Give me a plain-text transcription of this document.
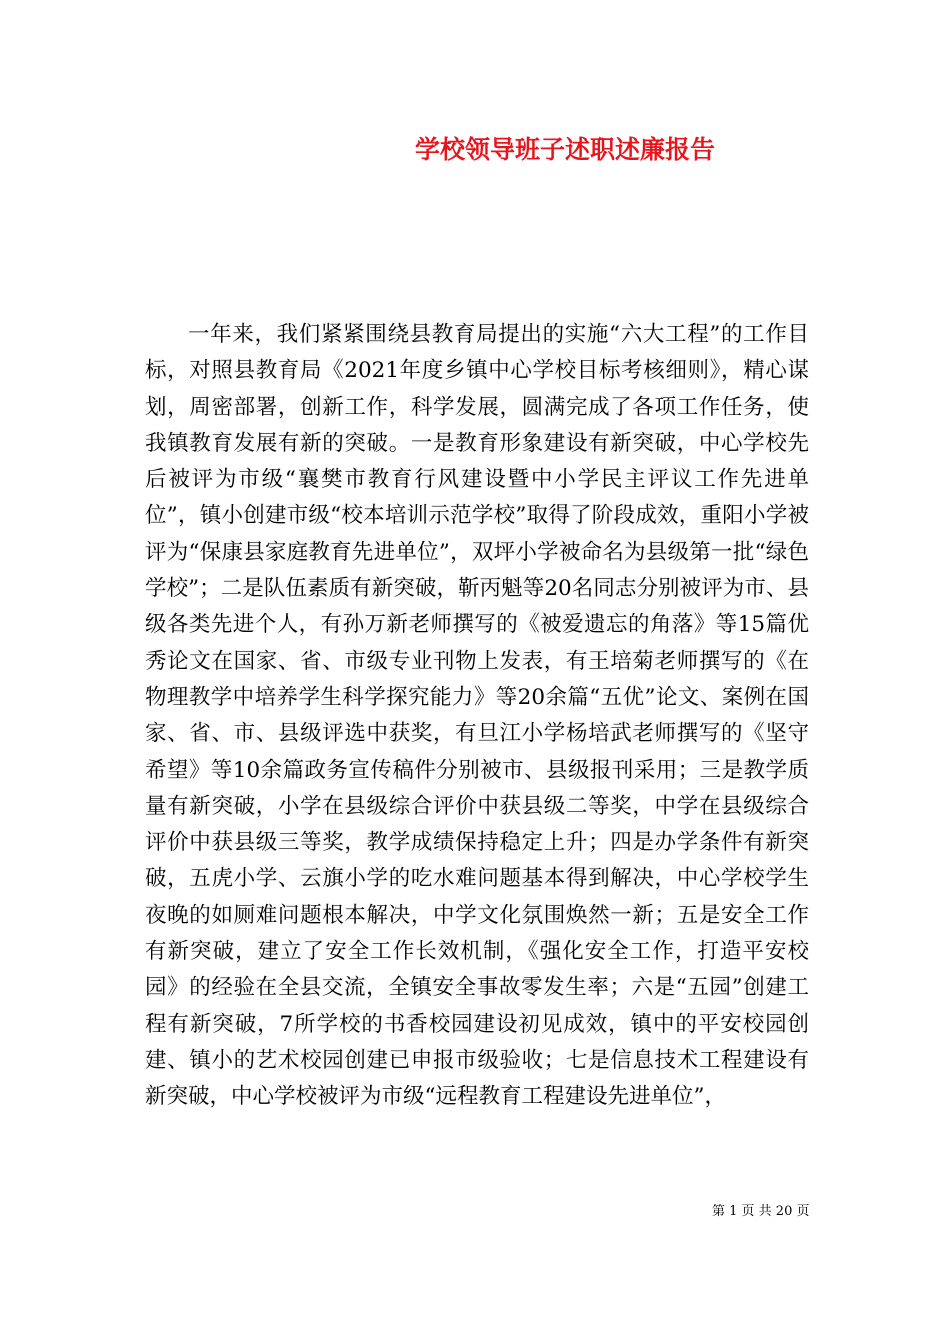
学校领导班子述职述廉报告

一年来，我们紧紧围绕县教育局提出的实施“六大工程”的工作目标，对照县教育局《2021年度乡镇中心学校目标考核细则》，精心谋划，周密部署，创新工作，科学发展，圆满完成了各项工作任务，使我镇教育发展有新的突破。一是教育形象建设有新突破，中心学校先后被评为市级“襄樊市教育行风建设暨中小学民主评议工作先进单位”，镇小创建市级“校本培训示范学校”取得了阶段成效，重阳小学被评为“保康县家庭教育先进单位”，双坪小学被命名为县级第一批“绿色学校”；二是队伍素质有新突破，靳丙魁等20名同志分别被评为市、县级各类先进个人，有孙万新老师撰写的《被爱遗忘的角落》等15篇优秀论文在国家、省、市级专业刊物上发表，有王培菊老师撰写的《在物理教学中培养学生科学探究能力》等20余篇“五优”论文、案例在国家、省、市、县级评选中获奖，有旦江小学杨培武老师撰写的《坚守希望》等10余篇政务宣传稿件分别被市、县级报刊采用；三是教学质量有新突破，小学在县级综合评价中获县级二等奖，中学在县级综合评价中获县级三等奖，教学成绩保持稳定上升；四是办学条件有新突破，五虎小学、云旗小学的吃水难问题基本得到解决，中心学校学生夜晚的如厕难问题根本解决，中学文化氛围焕然一新；五是安全工作有新突破，建立了安全工作长效机制，《强化安全工作，打造平安校园》的经验在全县交流，全镇安全事故零发生率；六是“五园”创建工程有新突破，7所学校的书香校园建设初见成效，镇中的平安校园创建、镇小的艺术校园创建已申报市级验收；七是信息技术工程建设有新突破，中心学校被评为市级“远程教育工程建设先进单位”，

第 1 页 共 20 页
